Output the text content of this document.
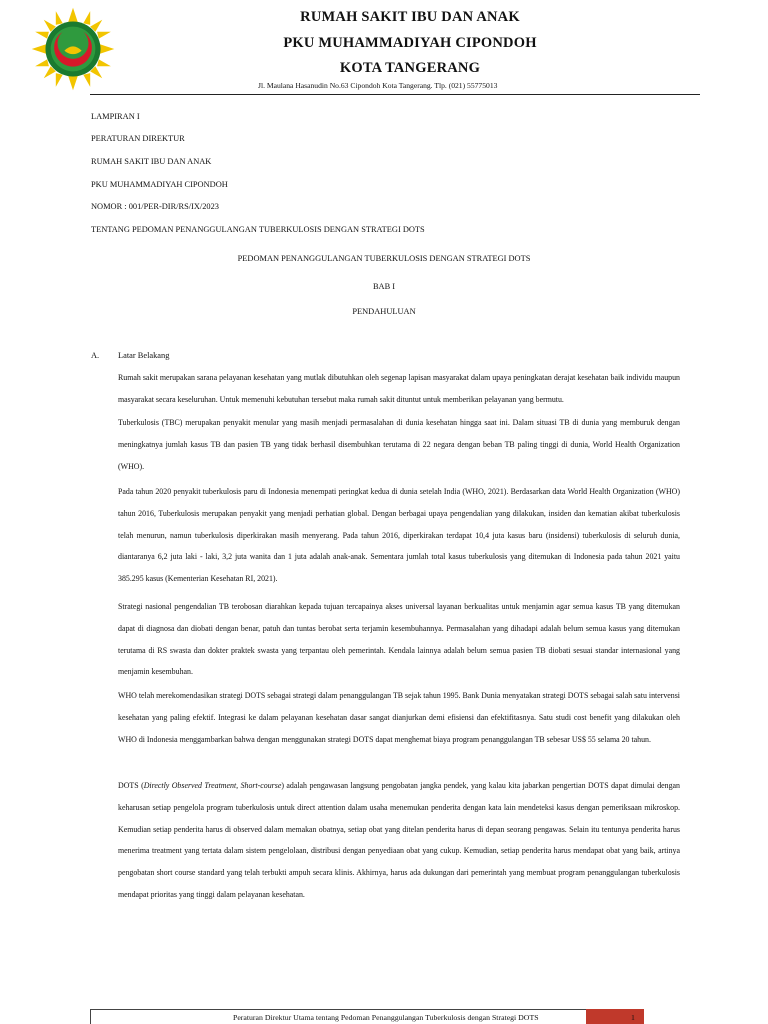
RUMAH SAKIT IBU DAN ANAK
PKU MUHAMMADIYAH CIPONDOH
KOTA TANGERANG
Jl. Maulana Hasanudin No.63 Cipondoh Kota Tangerang. Tlp. (021) 55775013
LAMPIRAN I
PERATURAN DIREKTUR
RUMAH SAKIT IBU DAN ANAK
PKU MUHAMMADIYAH CIPONDOH
NOMOR : 001/PER-DIR/RS/IX/2023
TENTANG PEDOMAN PENANGGULANGAN TUBERKULOSIS DENGAN STRATEGI DOTS
PEDOMAN PENANGGULANGAN TUBERKULOSIS DENGAN STRATEGI DOTS
BAB I
PENDAHULUAN
A. Latar Belakang

Rumah sakit merupakan sarana pelayanan kesehatan yang mutlak dibutuhkan oleh segenap lapisan masyarakat dalam upaya peningkatan derajat kesehatan baik individu maupun masyarakat secara keseluruhan. Untuk memenuhi kebutuhan tersebut maka rumah sakit dituntut untuk memberikan pelayanan yang bermutu.

Tuberkulosis (TBC) merupakan penyakit menular yang masih menjadi permasalahan di dunia kesehatan hingga saat ini. Dalam situasi TB di dunia yang memburuk dengan meningkatnya jumlah kasus TB dan pasien TB yang tidak berhasil disembuhkan terutama di 22 negara dengan beban TB paling tinggi di dunia, World Health Organization (WHO).

Pada tahun 2020 penyakit tuberkulosis paru di Indonesia menempati peringkat kedua di dunia setelah India (WHO, 2021). Berdasarkan data World Health Organization (WHO) tahun 2016, Tuberkulosis merupakan penyakit yang menjadi perhatian global. Dengan berbagai upaya pengendalian yang dilakukan, insiden dan kematian akibat tuberkulosis telah menurun, namun tuberkulosis diperkirakan masih menyerang. Pada tahun 2016, diperkirakan terdapat 10,4 juta kasus baru (insidensi) tuberkulosis di seluruh dunia, diantaranya 6,2 juta laki - laki, 3,2 juta wanita dan 1 juta adalah anak-anak. Sementara jumlah total kasus tuberkulosis yang ditemukan di Indonesia pada tahun 2021 yaitu 385.295 kasus (Kementerian Kesehatan RI, 2021).

Strategi nasional pengendalian TB terobosan diarahkan kepada tujuan tercapainya akses universal layanan berkualitas untuk menjamin agar semua kasus TB yang ditemukan dapat di diagnosa dan diobati dengan benar, patuh dan tuntas berobat serta terjamin kesembuhannya. Permasalahan yang dihadapi adalah belum semua kasus yang ditemukan terutama di RS swasta dan dokter praktek swasta yang terpantau oleh pemerintah. Kendala lainnya adalah belum semua pasien TB diobati sesuai standar internasional yang menjamin kesembuhan.

WHO telah merekomendasikan strategi DOTS sebagai strategi dalam penanggulangan TB sejak tahun 1995. Bank Dunia menyatakan strategi DOTS sebagai salah satu intervensi kesehatan yang paling efektif. Integrasi ke dalam pelayanan kesehatan dasar sangat dianjurkan demi efisiensi dan efektifitasnya. Satu studi cost benefit yang dilakukan oleh WHO di Indonesia menggambarkan bahwa dengan menggunakan strategi DOTS dapat menghemat biaya program penanggulangan TB sebesar US$ 55 selama 20 tahun.

DOTS (Directly Observed Treatment, Short-course) adalah pengawasan langsung pengobatan jangka pendek, yang kalau kita jabarkan pengertian DOTS dapat dimulai dengan keharusan setiap pengelola program tuberkulosis untuk direct attention dalam usaha menemukan penderita dengan kata lain mendeteksi kasus dengan pemeriksaan mikroskop. Kemudian setiap penderita harus di observed dalam memakan obatnya, setiap obat yang ditelan penderita harus di depan seorang pengawas. Selain itu tentunya penderita harus menerima treatment yang tertata dalam sistem pengelolaan, distribusi dengan penyediaan obat yang cukup. Kemudian, setiap penderita harus mendapat obat yang baik, artinya pengobatan short course standard yang telah terbukti ampuh secara klinis. Akhirnya, harus ada dukungan dari pemerintah yang membuat program penanggulangan tuberkulosis mendapat prioritas yang tinggi dalam pelayanan kesehatan.

Peraturan Direktur Utama tentang Pedoman Penanggulangan Tuberkulosis dengan Strategi DOTS	1
